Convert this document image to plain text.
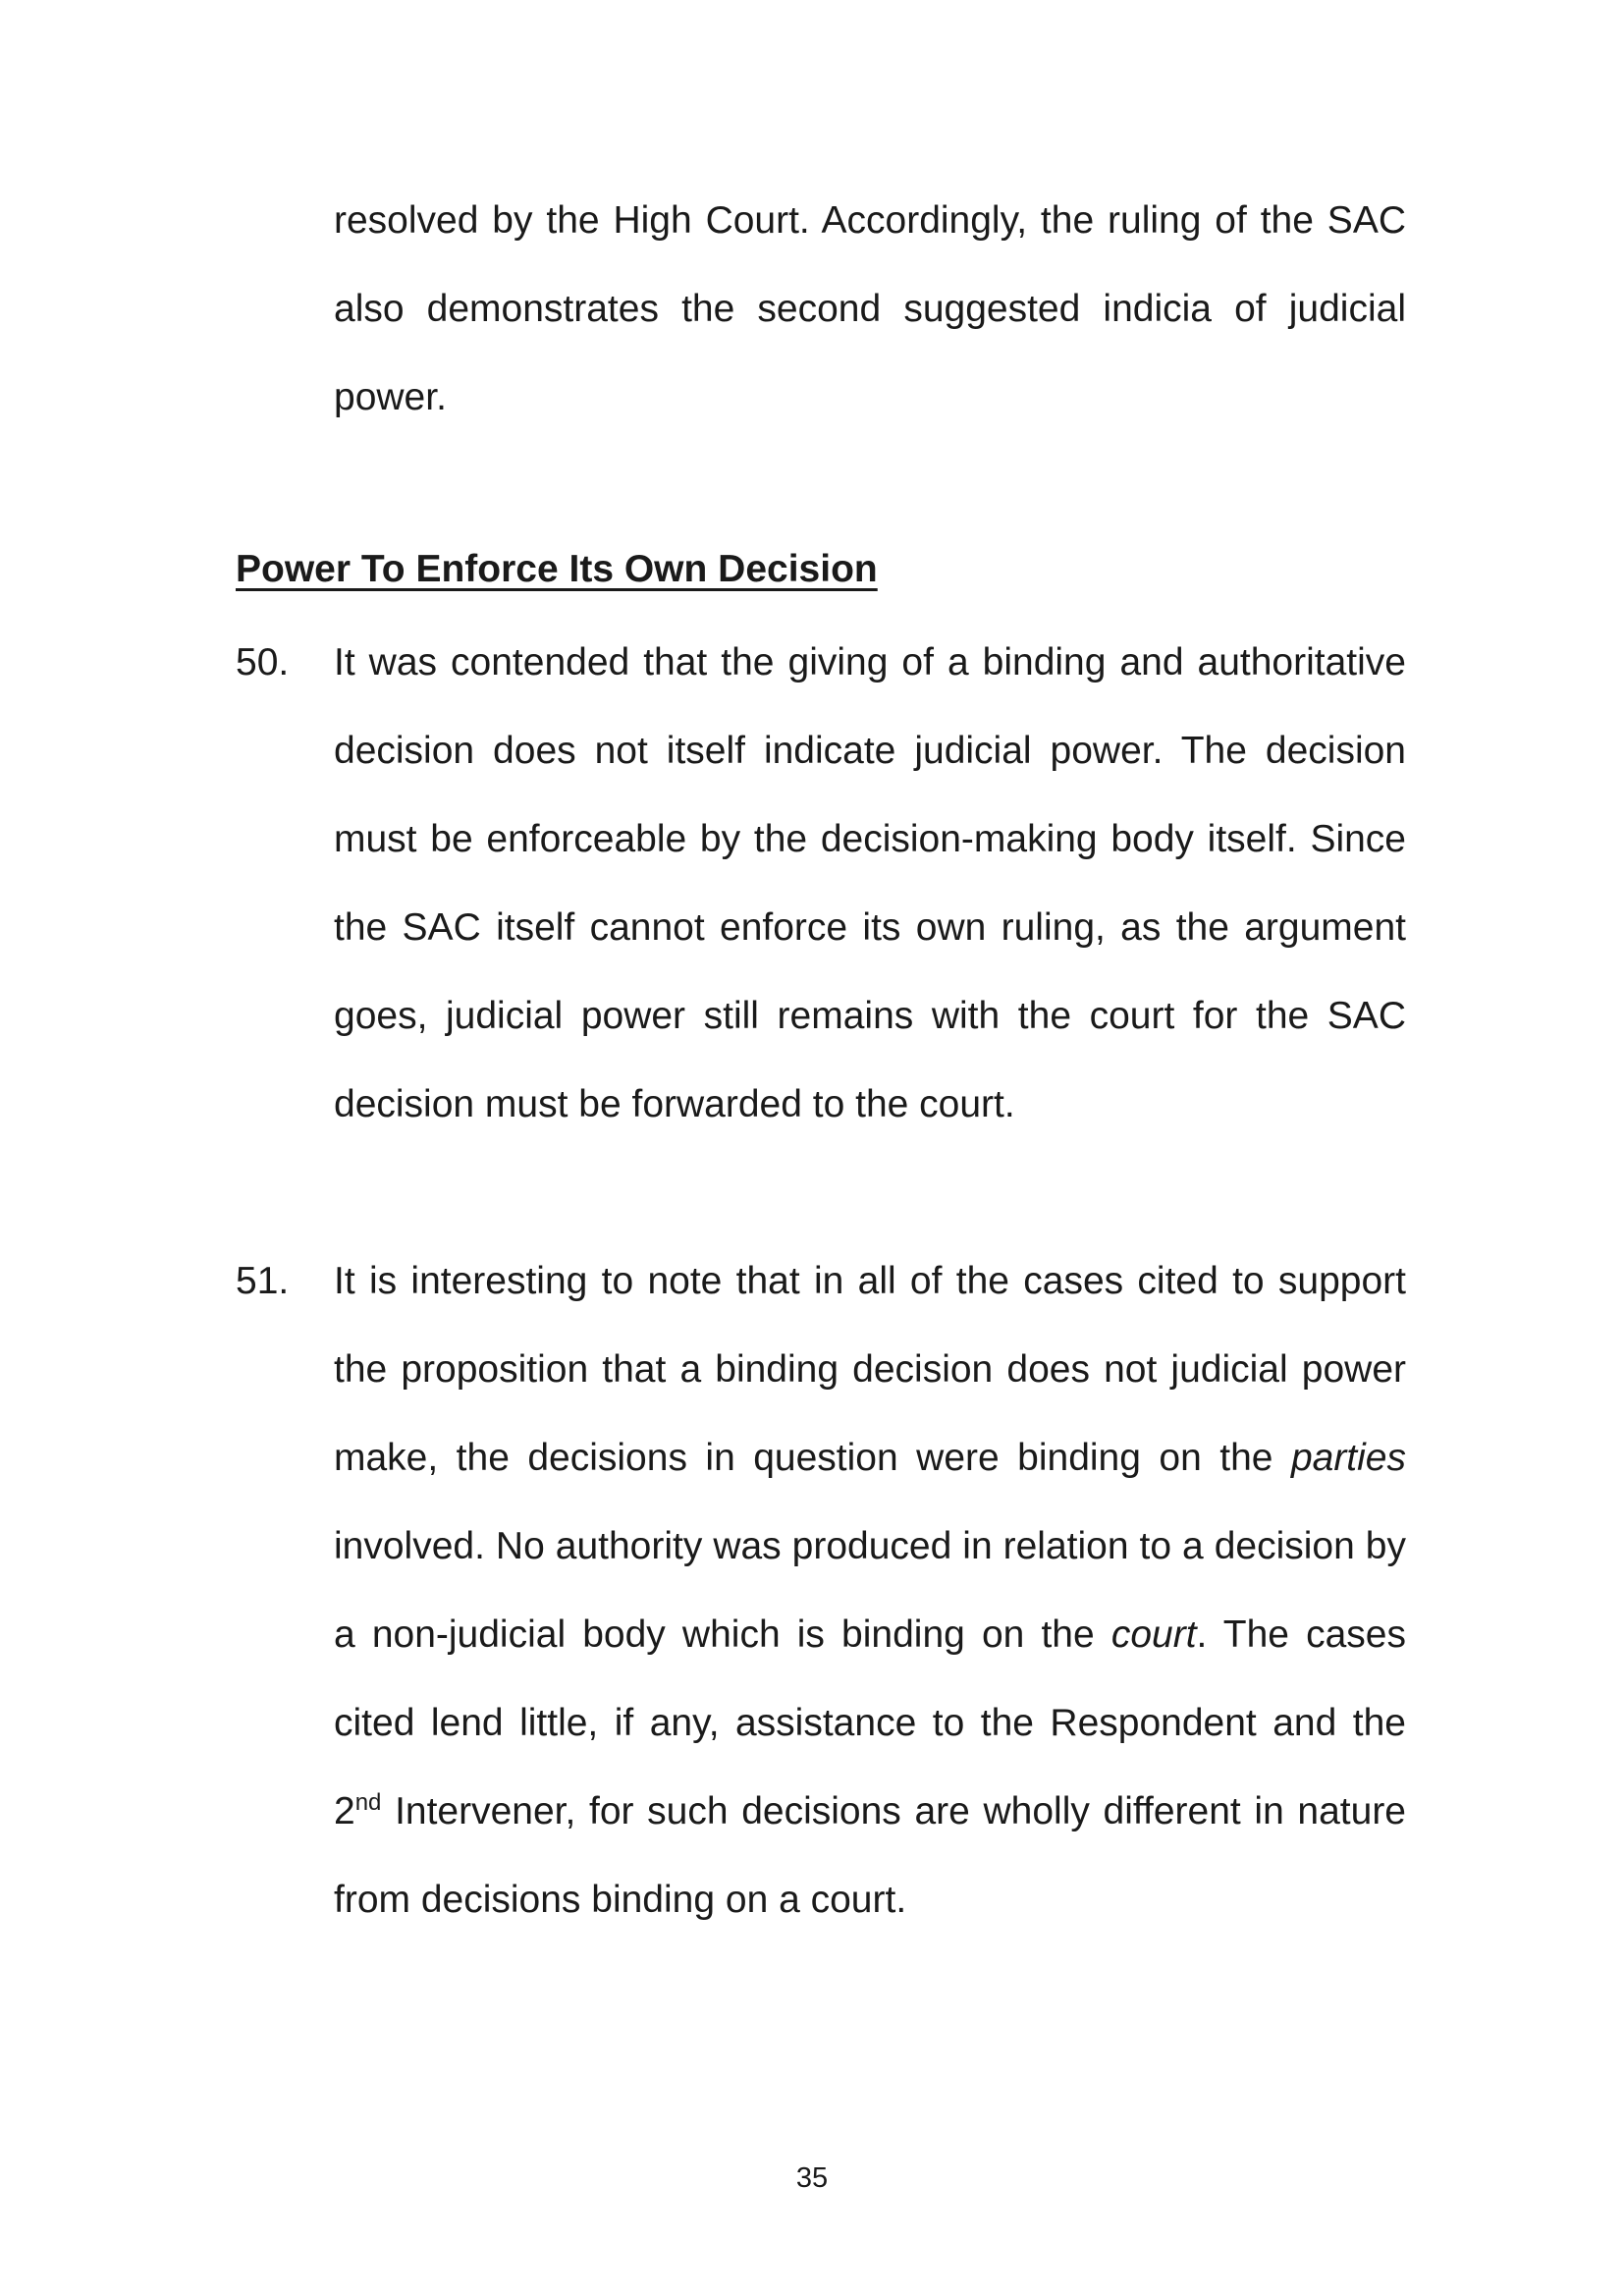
resolved by the High Court. Accordingly, the ruling of the SAC also demonstrates the second suggested indicia of judicial power.
Power To Enforce Its Own Decision
50. It was contended that the giving of a binding and authoritative decision does not itself indicate judicial power. The decision must be enforceable by the decision-making body itself. Since the SAC itself cannot enforce its own ruling, as the argument goes, judicial power still remains with the court for the SAC decision must be forwarded to the court.
51. It is interesting to note that in all of the cases cited to support the proposition that a binding decision does not judicial power make, the decisions in question were binding on the parties involved. No authority was produced in relation to a decision by a non-judicial body which is binding on the court. The cases cited lend little, if any, assistance to the Respondent and the 2nd Intervener, for such decisions are wholly different in nature from decisions binding on a court.
35
